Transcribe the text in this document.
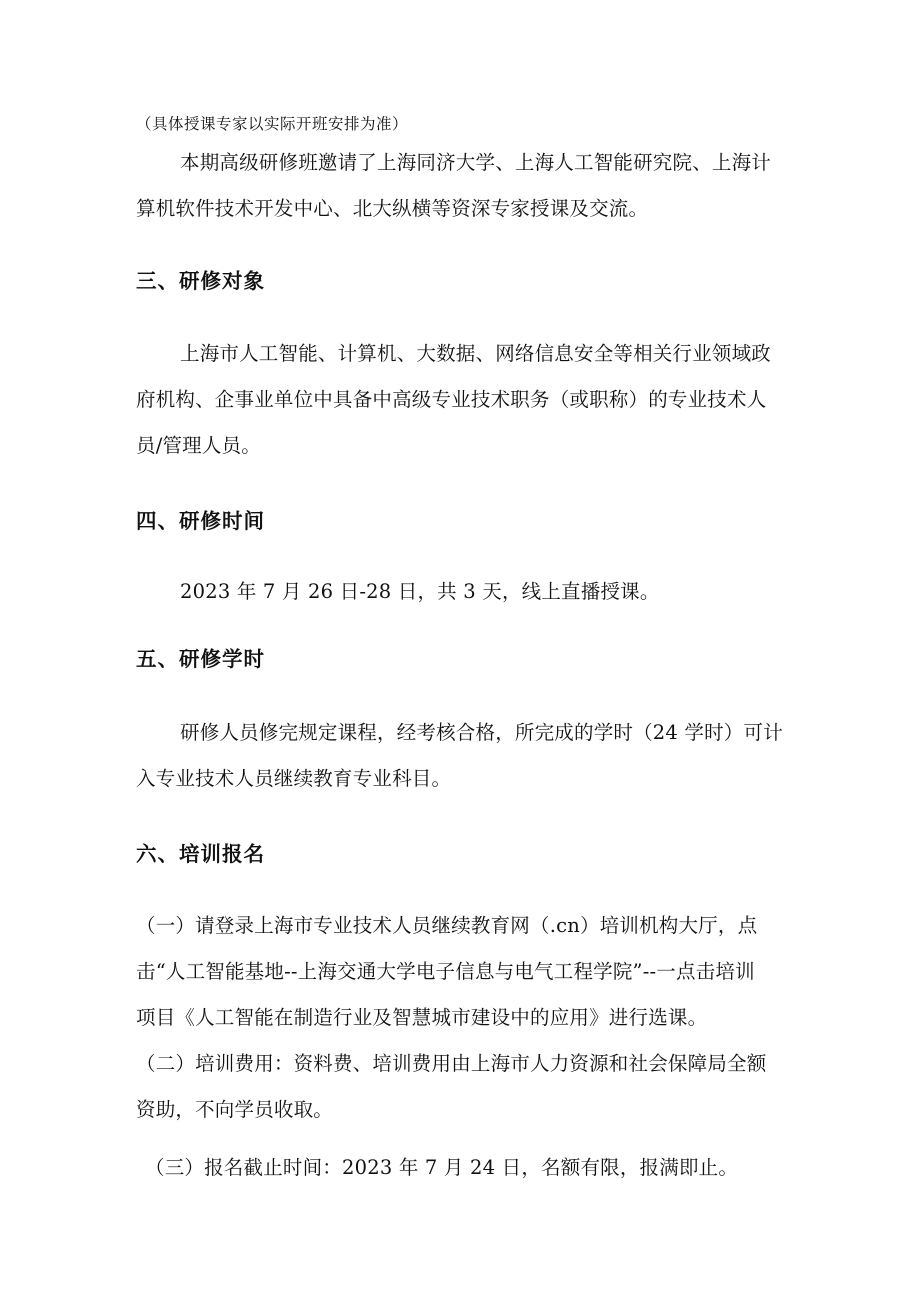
（具体授课专家以实际开班安排为准）
本期高级研修班邀请了上海同济大学、上海人工智能研究院、上海计
算机软件技术开发中心、北大纵横等资深专家授课及交流。
三、研修对象
上海市人工智能、计算机、大数据、网络信息安全等相关行业领域政
府机构、企事业单位中具备中高级专业技术职务（或职称）的专业技术人
员/管理人员。
四、研修时间
2023 年 7 月 26 日-28 日，共 3 天，线上直播授课。
五、研修学时
研修人员修完规定课程，经考核合格，所完成的学时（24 学时）可计
入专业技术人员继续教育专业科目。
六、培训报名
（一）请登录上海市专业技术人员继续教育网（.cn）培训机构大厅，点
击“人工智能基地--上海交通大学电子信息与电气工程学院”--一点击培训
项目《人工智能在制造行业及智慧城市建设中的应用》进行选课。
（二）培训费用：资料费、培训费用由上海市人力资源和社会保障局全额
资助，不向学员收取。
（三）报名截止时间：2023 年 7 月 24 日，名额有限，报满即止。
